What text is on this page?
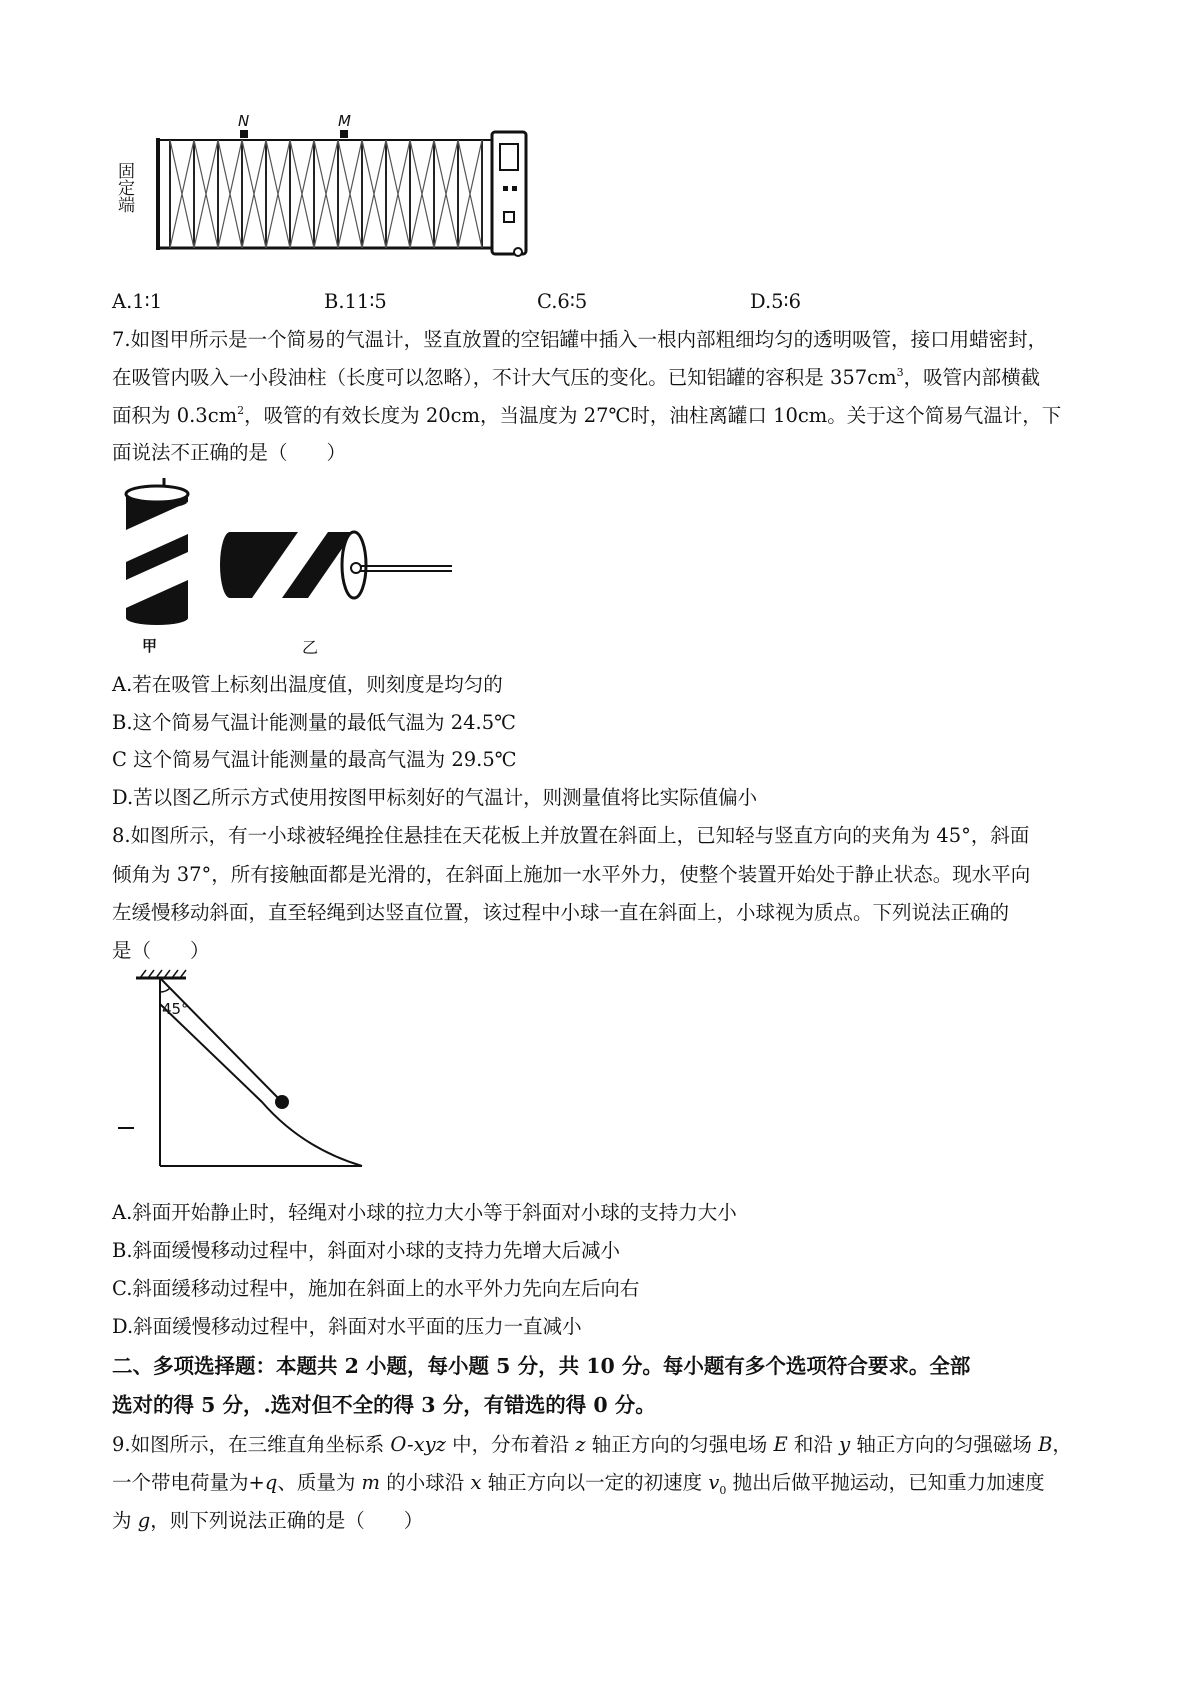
固定端
N	M
A.1∶1	B.11∶5	C.6∶5	D.5∶6
7.如图甲所示是一个简易的气温计，竖直放置的空铝罐中插入一根内部粗细均匀的透明吸管，接口用蜡密封，
在吸管内吸入一小段油柱（长度可以忽略），不计大气压的变化。已知铝罐的容积是 $357cm^3$，吸管内部横截
面积为 $0.3cm^2$，吸管的有效长度为 20cm，当温度为 27℃时，油柱离罐口 10cm。关于这个简易气温计，下
面说法不正确的是（　　）
甲	乙
A.若在吸管上标刻出温度值，则刻度是均匀的
B.这个简易气温计能测量的最低气温为 24.5℃
C 这个简易气温计能测量的最高气温为 29.5℃
D.苦以图乙所示方式使用按图甲标刻好的气温计，则测量值将比实际值偏小
8.如图所示，有一小球被轻绳拴住悬挂在天花板上并放置在斜面上，已知轻与竖直方向的夹角为 45°，斜面
倾角为 37°，所有接触面都是光滑的，在斜面上施加一水平外力，使整个装置开始处于静止状态。现水平向
左缓慢移动斜面，直至轻绳到达竖直位置，该过程中小球一直在斜面上，小球视为质点。下列说法正确的
是（　　）
45°
A.斜面开始静止时，轻绳对小球的拉力大小等于斜面对小球的支持力大小
B.斜面缓慢移动过程中，斜面对小球的支持力先增大后减小
C.斜面缓移动过程中，施加在斜面上的水平外力先向左后向右
D.斜面缓慢移动过程中，斜面对水平面的压力一直减小
二、多项选择题：本题共 2 小题，每小题 5 分，共 10 分。每小题有多个选项符合要求。全部
选对的得 5 分，.选对但不全的得 3 分，有错选的得 0 分。
9.如图所示，在三维直角坐标系 O-xyz 中，分布着沿 z 轴正方向的匀强电场 E 和沿 y 轴正方向的匀强磁场 B，
一个带电荷量为+q、质量为 m 的小球沿 x 轴正方向以一定的初速度 $v_0$ 抛出后做平抛运动，已知重力加速度
为 g，则下列说法正确的是（　　）
